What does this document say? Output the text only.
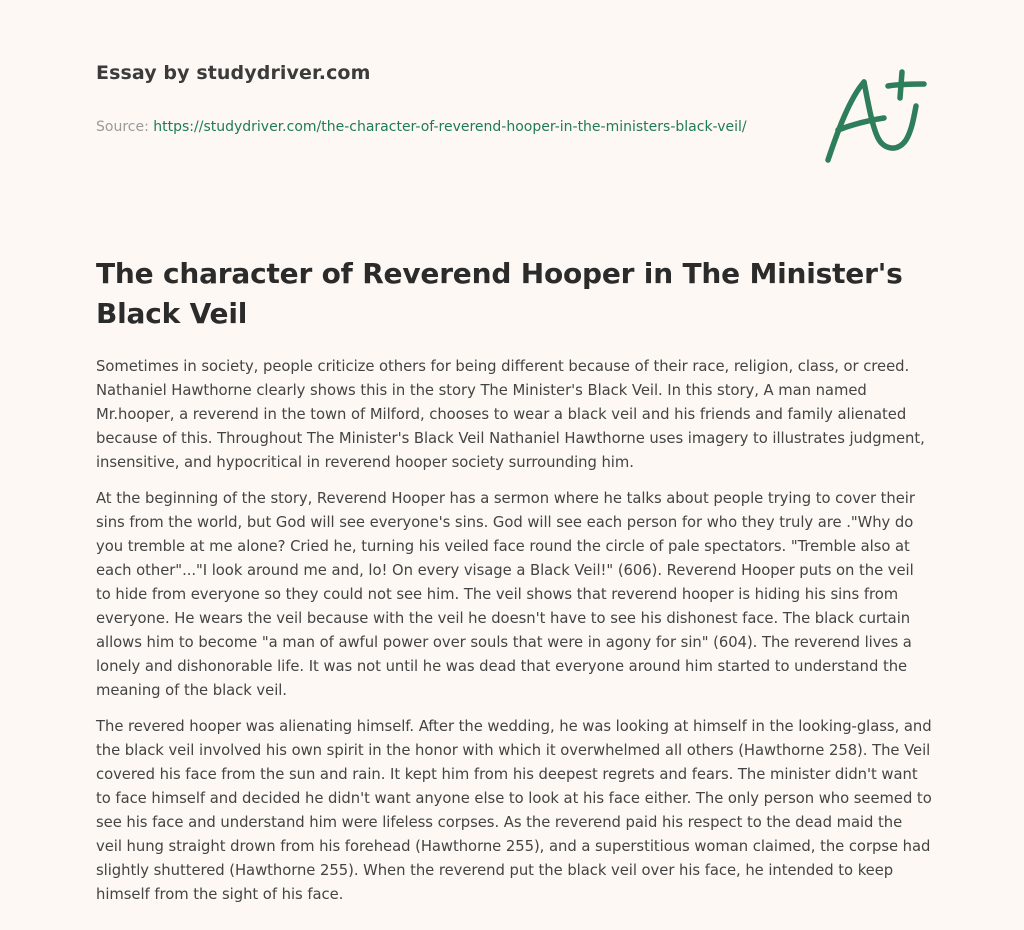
Essay by studydriver.com
Source: https://studydriver.com/the-character-of-reverend-hooper-in-the-ministers-black-veil/
The character of Reverend Hooper in The Minister's Black Veil

Sometimes in society, people criticize others for being different because of their race, religion, class, or creed. Nathaniel Hawthorne clearly shows this in the story The Minister's Black Veil. In this story, A man named Mr.hooper, a reverend in the town of Milford, chooses to wear a black veil and his friends and family alienated because of this. Throughout The Minister's Black Veil Nathaniel Hawthorne uses imagery to illustrates judgment, insensitive, and hypocritical in reverend hooper society surrounding him.

At the beginning of the story, Reverend Hooper has a sermon where he talks about people trying to cover their sins from the world, but God will see everyone's sins. God will see each person for who they truly are ."Why do you tremble at me alone? Cried he, turning his veiled face round the circle of pale spectators. "Tremble also at each other"..."I look around me and, lo! On every visage a Black Veil!" (606). Reverend Hooper puts on the veil to hide from everyone so they could not see him. The veil shows that reverend hooper is hiding his sins from everyone. He wears the veil because with the veil he doesn't have to see his dishonest face. The black curtain allows him to become "a man of awful power over souls that were in agony for sin" (604). The reverend lives a lonely and dishonorable life. It was not until he was dead that everyone around him started to understand the meaning of the black veil.

The revered hooper was alienating himself. After the wedding, he was looking at himself in the looking-glass, and the black veil involved his own spirit in the honor with which it overwhelmed all others (Hawthorne 258). The Veil covered his face from the sun and rain. It kept him from his deepest regrets and fears. The minister didn't want to face himself and decided he didn't want anyone else to look at his face either. The only person who seemed to see his face and understand him were lifeless corpses. As the reverend paid his respect to the dead maid the veil hung straight drown from his forehead (Hawthorne 255), and a superstitious woman claimed, the corpse had slightly shuttered (Hawthorne 255). When the reverend put the black veil over his face, he intended to keep himself from the sight of his face.
